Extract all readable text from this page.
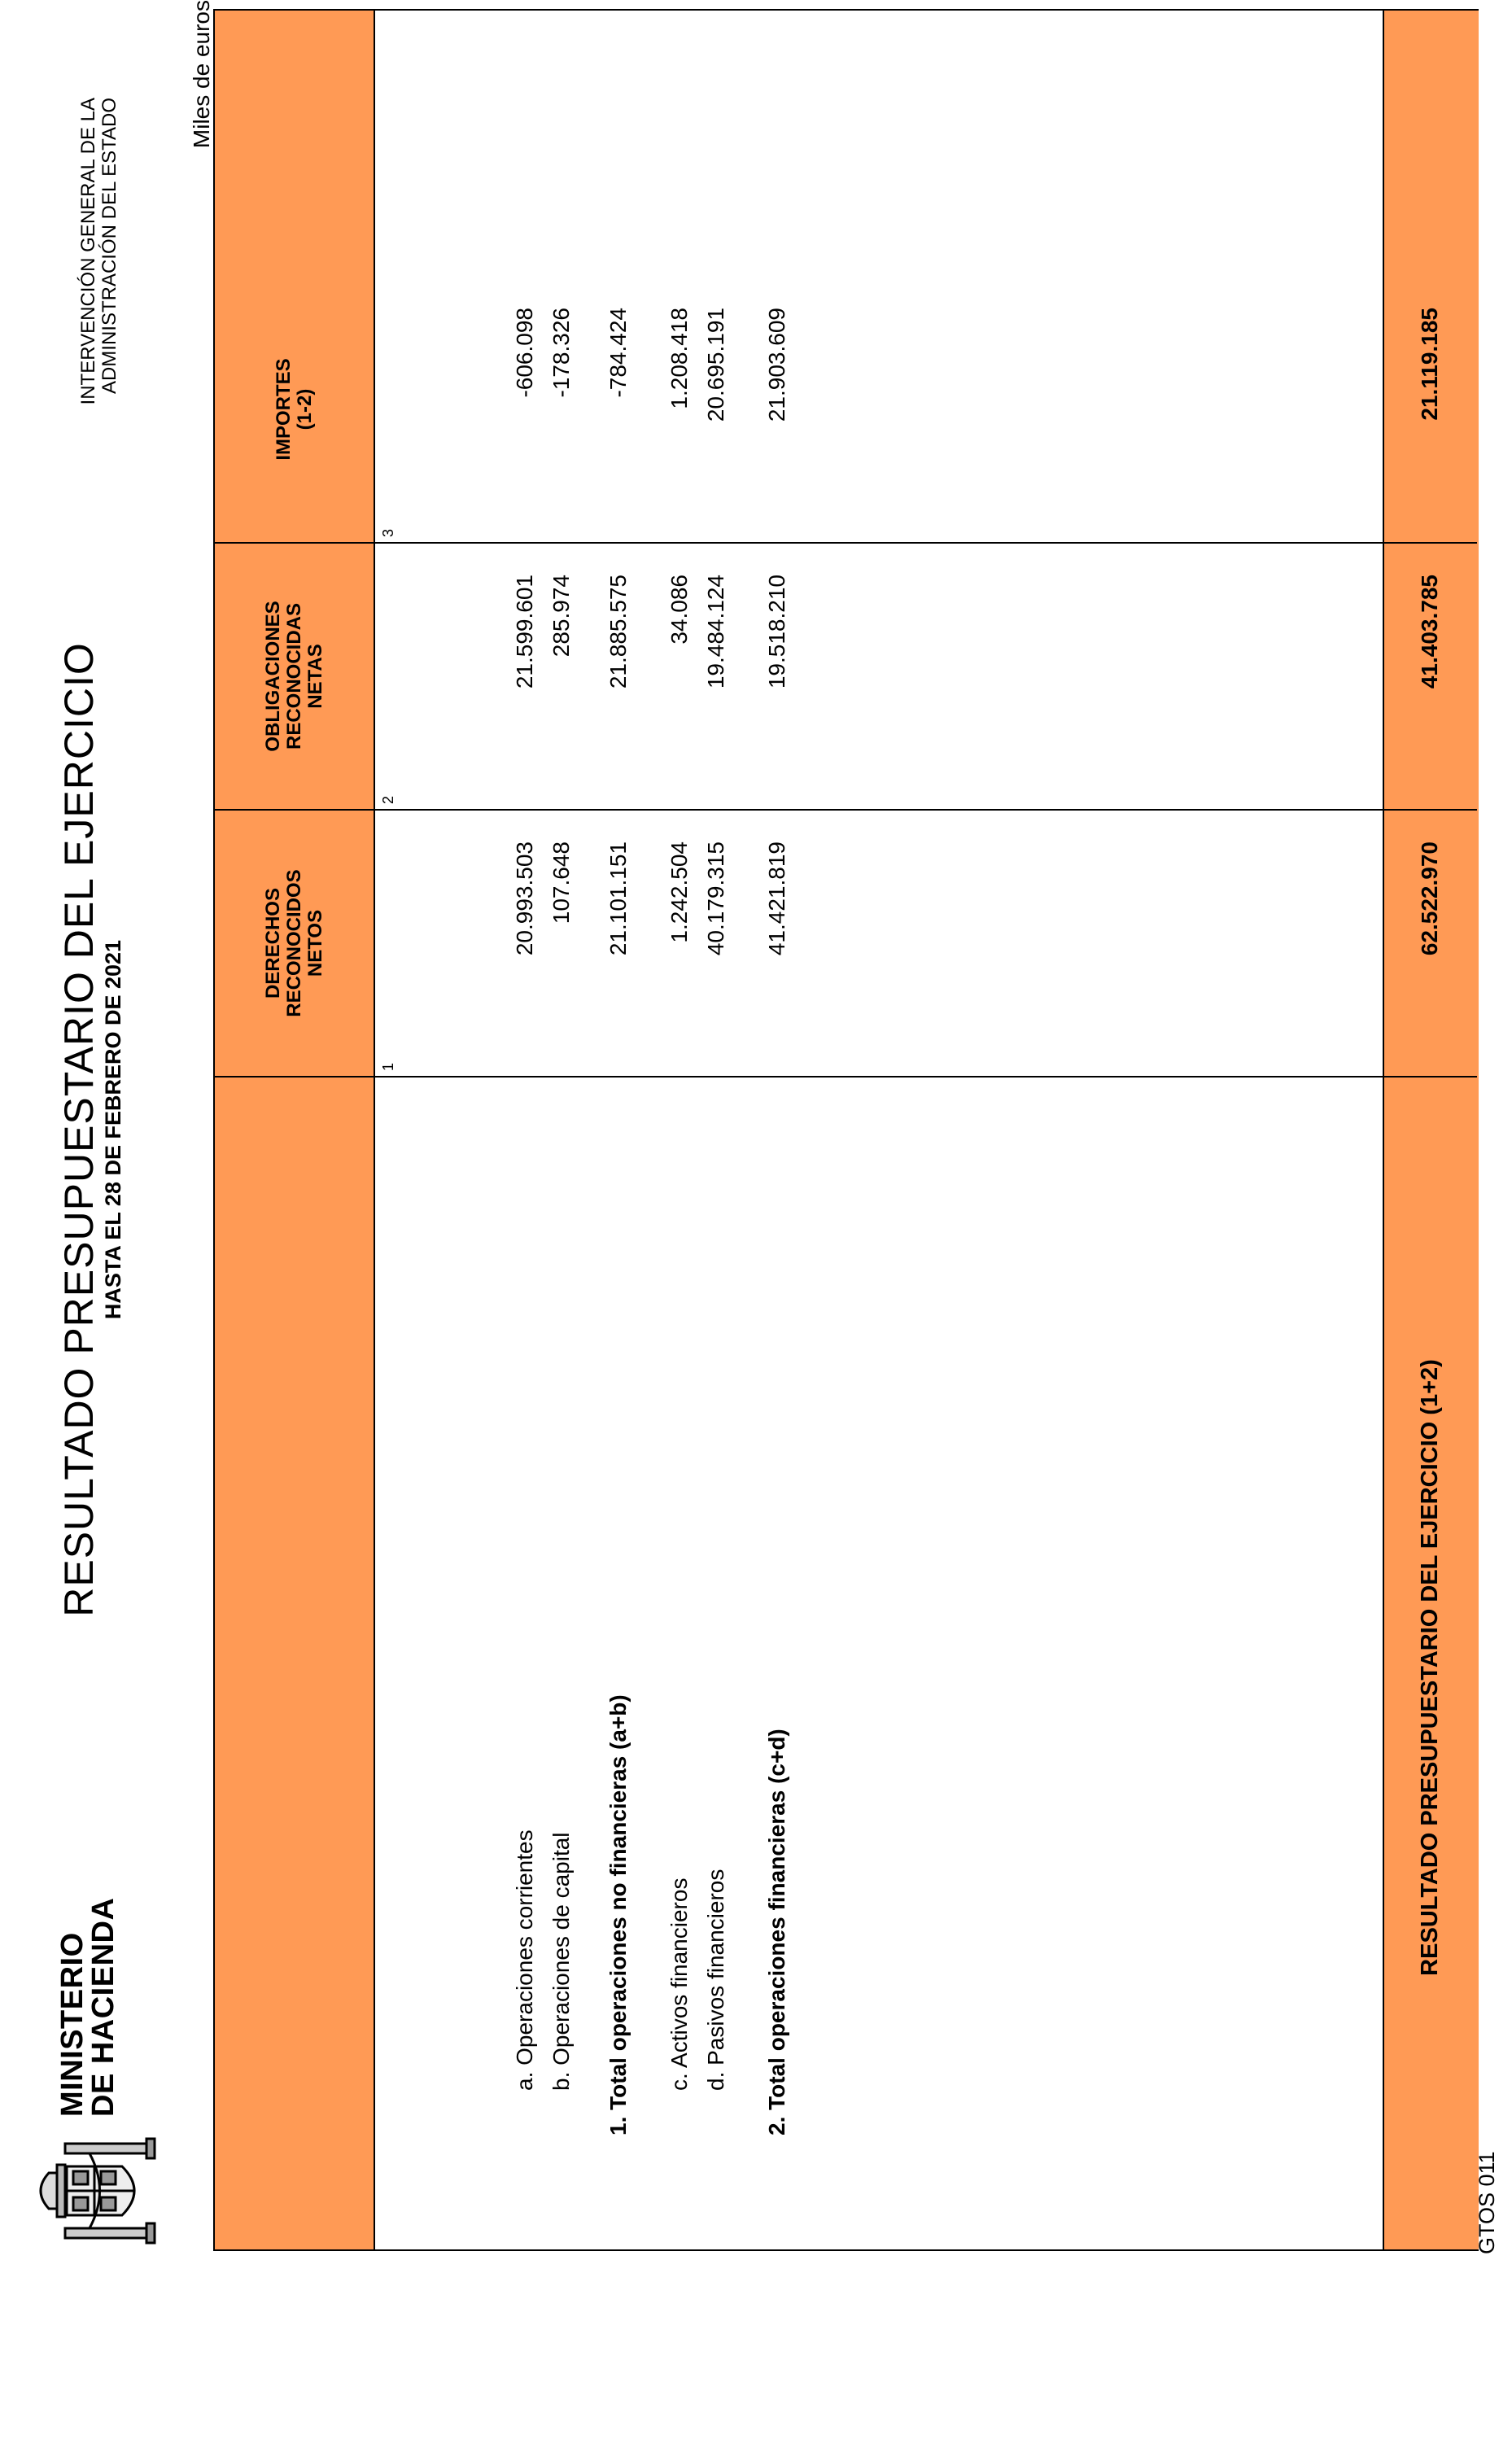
MINISTERIO
DE HACIENDA
RESULTADO PRESUPUESTARIO DEL EJERCICIO HASTA EL 28 DE FEBRERO DE 2021
INTERVENCIÓN GENERAL DE LA ADMINISTRACIÓN DEL ESTADO
Miles de euros
DERECHOS
RECONOCIDOS
NETOS
OBLIGACIONES
RECONOCIDAS
NETAS
IMPORTES
(1-2)
1
2
3
a. Operaciones corrientes
20.993.503
21.599.601
-606.098
b. Operaciones de capital
107.648
285.974
-178.326
1. Total operaciones no financieras (a+b)
21.101.151
21.885.575
-784.424
c. Activos financieros
1.242.504
34.086
1.208.418
d. Pasivos financieros
40.179.315
19.484.124
20.695.191
2. Total operaciones financieras (c+d)
41.421.819
19.518.210
21.903.609
RESULTADO PRESUPUESTARIO DEL EJERCICIO (1+2)
62.522.970
41.403.785
21.119.185
GTOS 011
